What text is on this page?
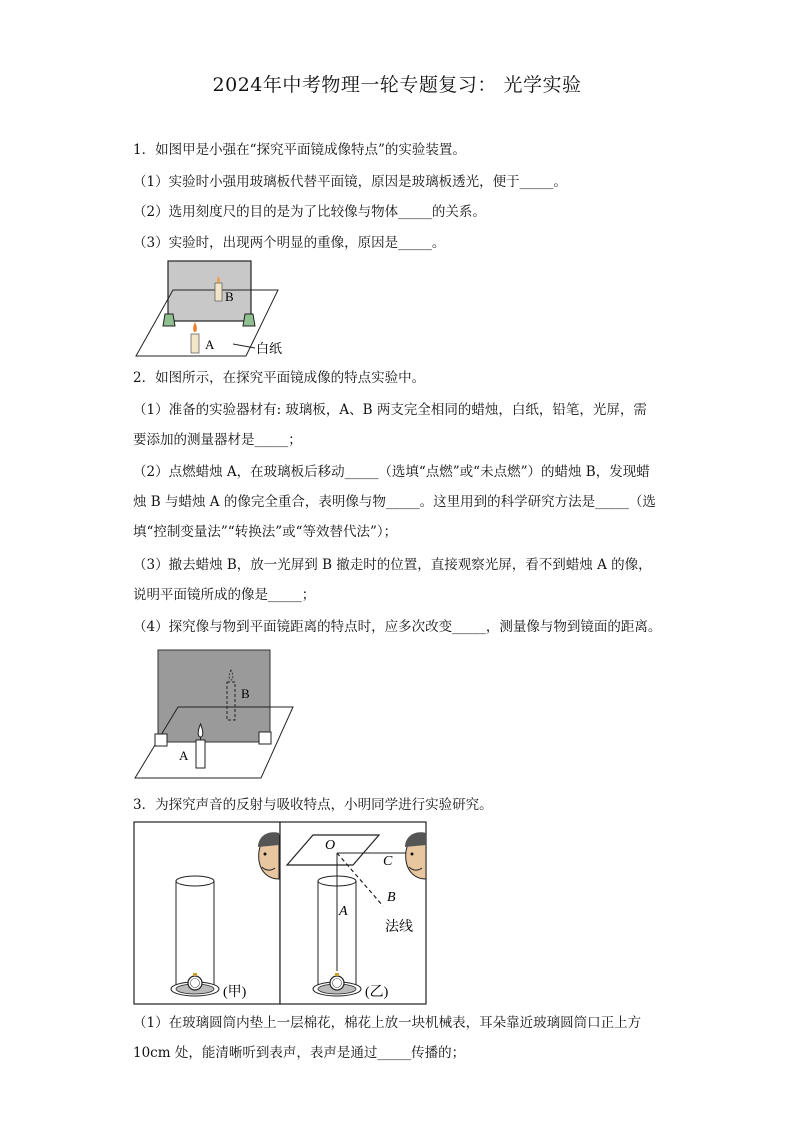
2024年中考物理一轮专题复习： 光学实验
1．如图甲是小强在“探究平面镜成像特点”的实验装置。
（1）实验时小强用玻璃板代替平面镜，原因是玻璃板透光，便于_____。
（2）选用刻度尺的目的是为了比较像与物体_____的关系。
（3）实验时，出现两个明显的重像，原因是_____。
B
A	白纸
2．如图所示，在探究平面镜成像的特点实验中。
（1）准备的实验器材有: 玻璃板，A、B 两支完全相同的蜡烛，白纸，铅笔，光屏，需
要添加的测量器材是_____；
（2）点燃蜡烛 A，在玻璃板后移动_____（选填“点燃”或“未点燃”）的蜡烛 B，发现蜡
烛 B 与蜡烛 A 的像完全重合，表明像与物_____。这里用到的科学研究方法是_____（选
填“控制变量法”“转换法”或“等效替代法”）；
（3）撤去蜡烛 B，放一光屏到 B 撤走时的位置，直接观察光屏，看不到蜡烛 A 的像，
说明平面镜所成的像是_____；
（4）探究像与物到平面镜距离的特点时，应多次改变_____，测量像与物到镜面的距离。
B
A
3．为探究声音的反射与吸收特点，小明同学进行实验研究。
(甲)
O
A
C
B
法线
(乙)
（1）在玻璃圆筒内垫上一层棉花，棉花上放一块机械表，耳朵靠近玻璃圆筒口正上方
10cm 处，能清晰听到表声，表声是通过_____传播的；
